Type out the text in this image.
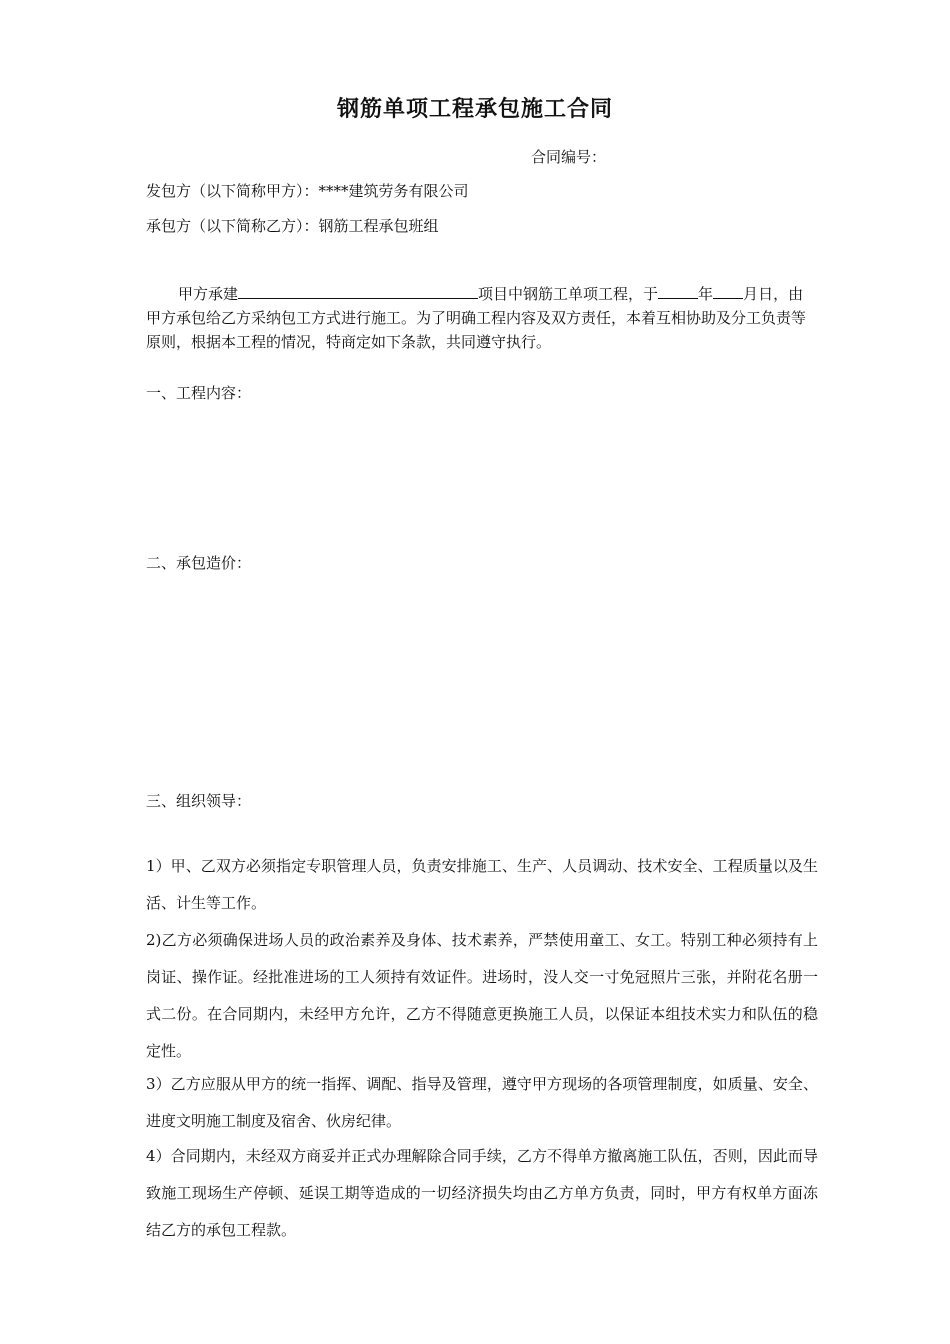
钢筋单项工程承包施工合同
合同编号：
发包方（以下简称甲方）：****建筑劳务有限公司
承包方（以下简称乙方）：钢筋工程承包班组
甲方承建	项目中钢筋工单项工程，于	年 月日，由甲方承包给乙方采纳包工方式进行施工。为了明确工程内容及双方责任，本着互相协助及分工负责等原则，根据本工程的情况，特商定如下条款，共同遵守执行。
一、工程内容：
二、承包造价：
三、组织领导：
1）甲、乙双方必须指定专职管理人员，负责安排施工、生产、人员调动、技术安全、工程质量以及生活、计生等工作。
2)乙方必须确保进场人员的政治素养及身体、技术素养，严禁使用童工、女工。特别工种必须持有上岗证、操作证。经批准进场的工人须持有效证件。进场时，没人交一寸免冠照片三张，并附花名册一式二份。在合同期内，未经甲方允许，乙方不得随意更换施工人员，以保证本组技术实力和队伍的稳定性。
3）乙方应服从甲方的统一指挥、调配、指导及管理，遵守甲方现场的各项管理制度，如质量、安全、进度文明施工制度及宿舍、伙房纪律。
4）合同期内，未经双方商妥并正式办理解除合同手续，乙方不得单方撤离施工队伍，否则，因此而导致施工现场生产停顿、延误工期等造成的一切经济损失均由乙方单方负责，同时，甲方有权单方面冻结乙方的承包工程款。
